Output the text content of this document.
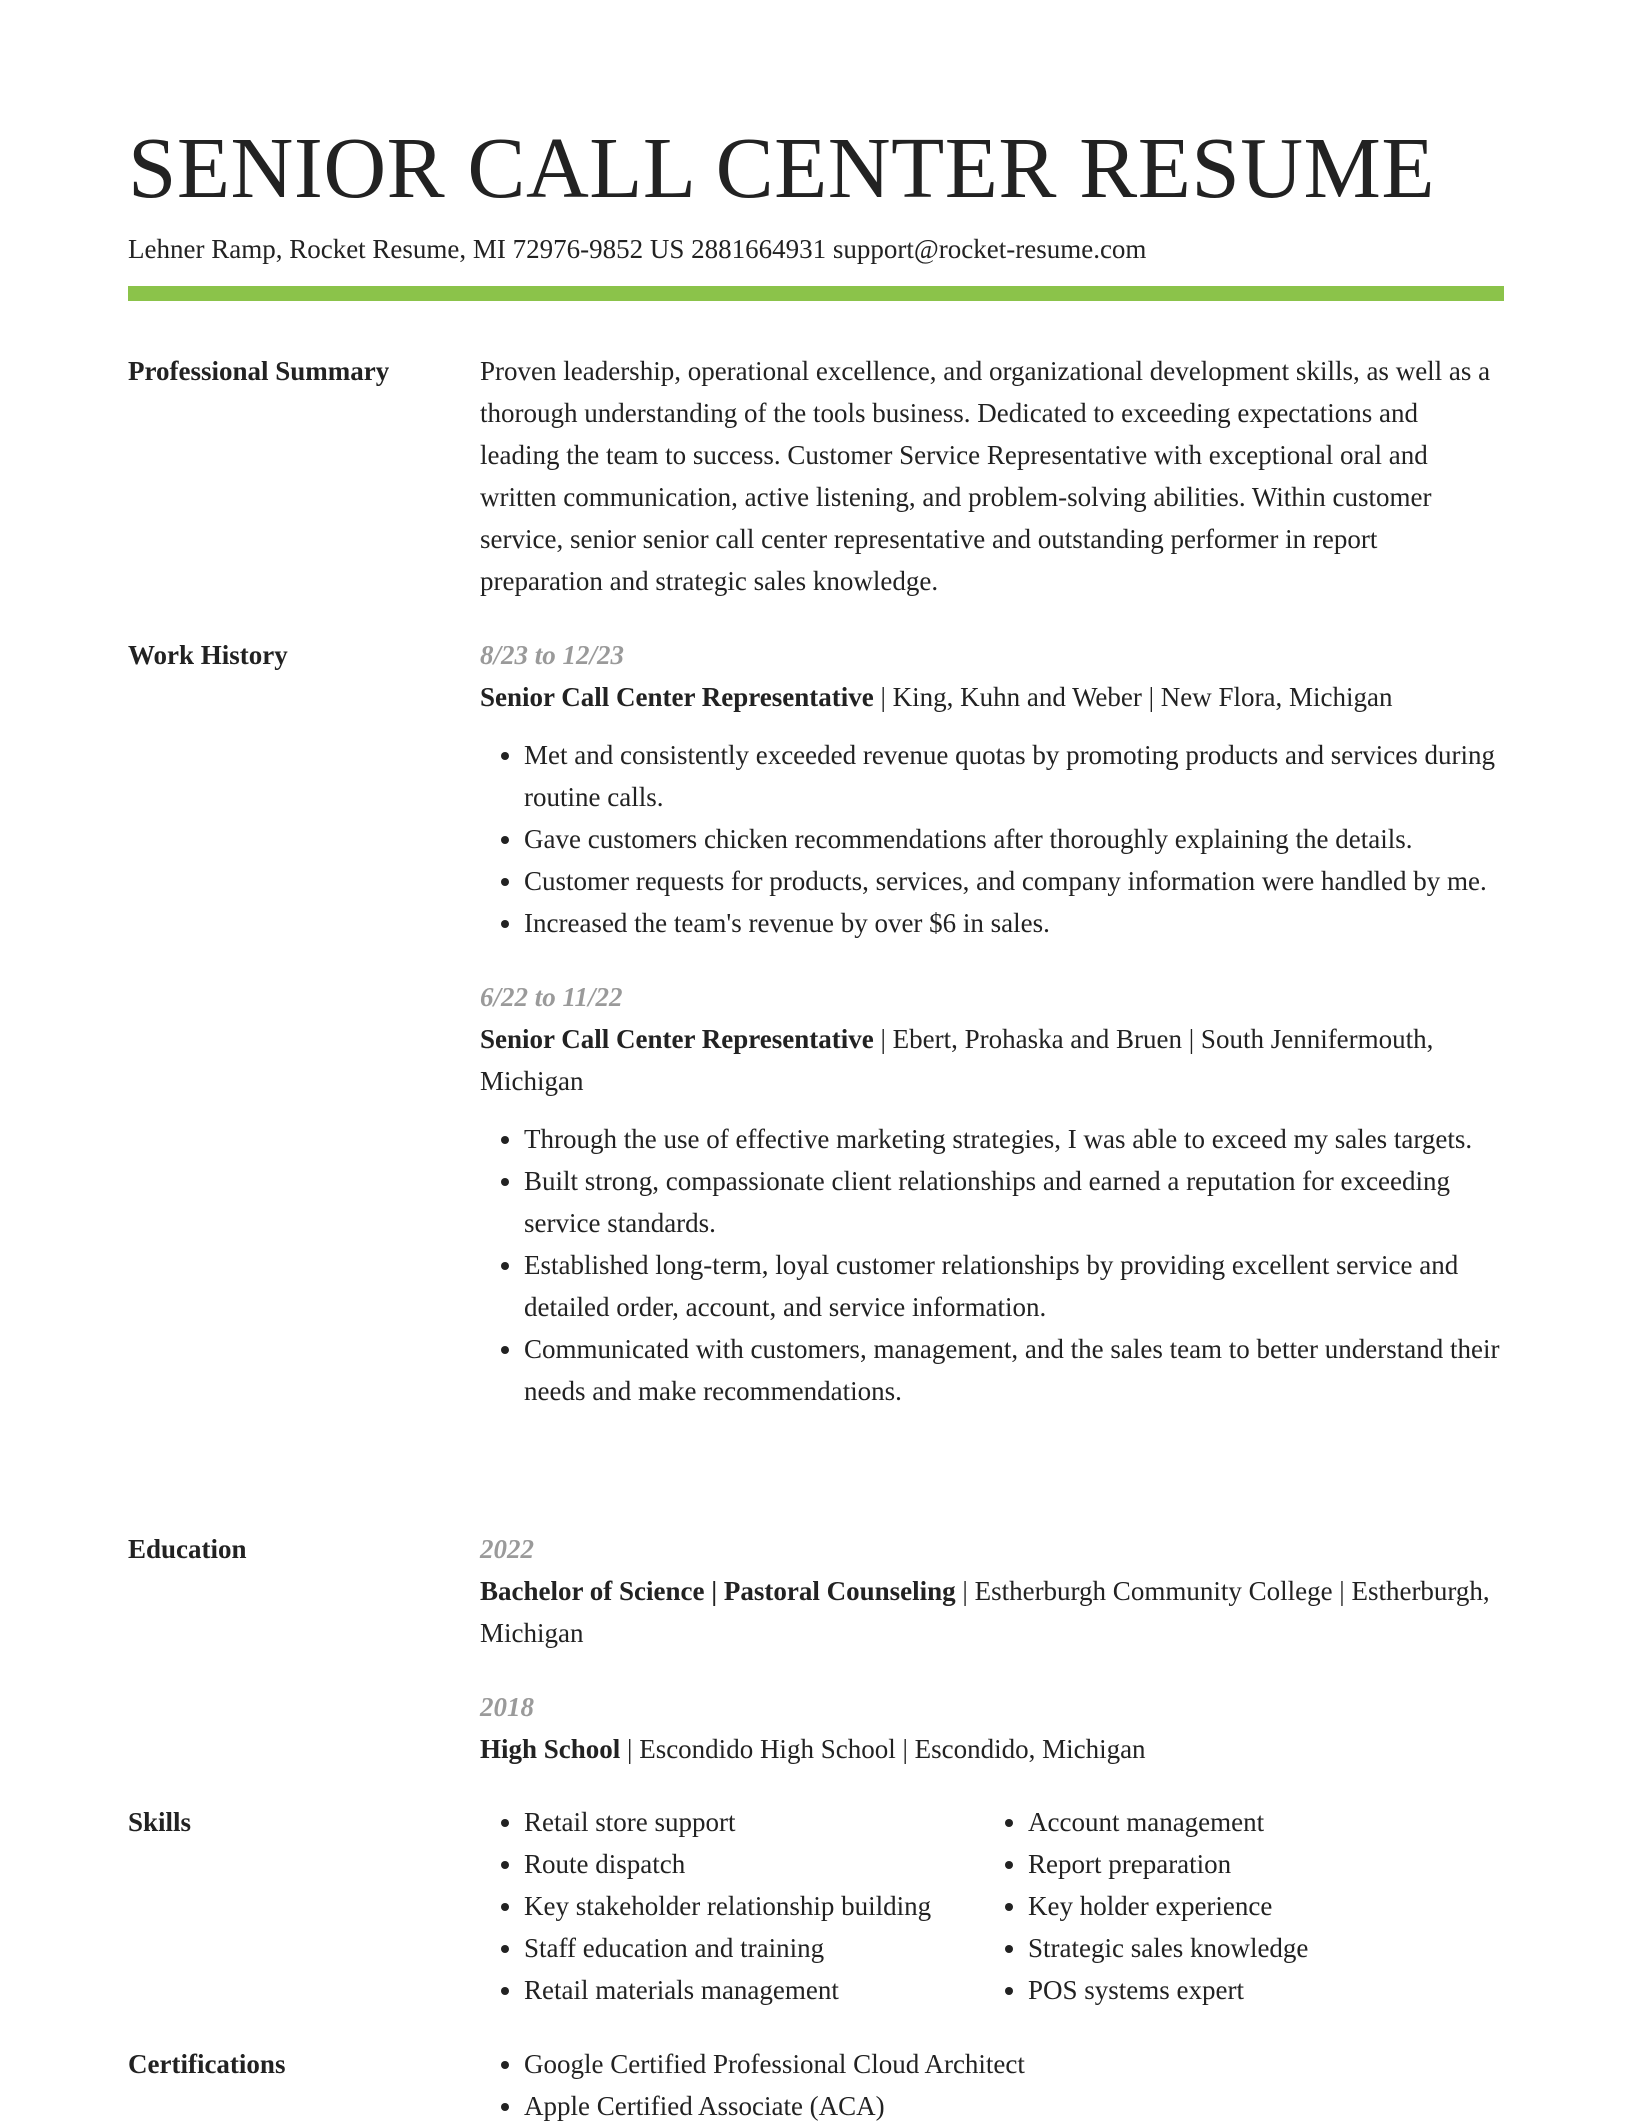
SENIOR CALL CENTER RESUME
Lehner Ramp, Rocket Resume, MI 72976-9852 US 2881664931 support@rocket-resume.com
Professional Summary	Proven leadership, operational excellence, and organizational development skills, as well as a thorough understanding of the tools business. Dedicated to exceeding expectations and leading the team to success. Customer Service Representative with exceptional oral and written communication, active listening, and problem-solving abilities. Within customer service, senior senior call center representative and outstanding performer in report preparation and strategic sales knowledge.
Work History	8/23 to 12/23
Senior Call Center Representative | King, Kuhn and Weber | New Flora, Michigan
• Met and consistently exceeded revenue quotas by promoting products and services during routine calls.
• Gave customers chicken recommendations after thoroughly explaining the details.
• Customer requests for products, services, and company information were handled by me.
• Increased the team's revenue by over $6 in sales.
6/22 to 11/22
Senior Call Center Representative | Ebert, Prohaska and Bruen | South Jennifermouth, Michigan
• Through the use of effective marketing strategies, I was able to exceed my sales targets.
• Built strong, compassionate client relationships and earned a reputation for exceeding service standards.
• Established long-term, loyal customer relationships by providing excellent service and detailed order, account, and service information.
• Communicated with customers, management, and the sales team to better understand their needs and make recommendations.
Education	2022
Bachelor of Science | Pastoral Counseling | Estherburgh Community College | Estherburgh, Michigan
2018
High School | Escondido High School | Escondido, Michigan
Skills	• Retail store support
• Route dispatch
• Key stakeholder relationship building
• Staff education and training
• Retail materials management
• Account management
• Report preparation
• Key holder experience
• Strategic sales knowledge
• POS systems expert
Certifications	• Google Certified Professional Cloud Architect
• Apple Certified Associate (ACA)
